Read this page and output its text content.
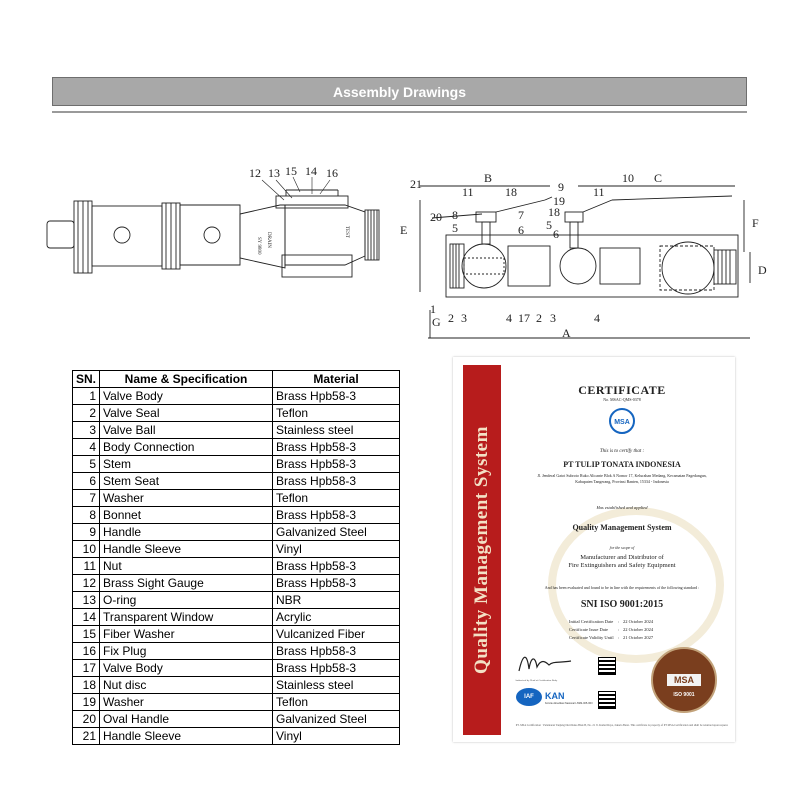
Assembly Drawings
12 13 15 14 16
SY 9800 DRAIN
TEST
21
11	18
B
9 11
10 C
20 8
5
7
6
E
18
19
5
6
F
D
1
G 2 3	4 17 2 3	4
A
SN.	Name & Specification	Material
1	Valve Body	Brass Hpb58-3
2	Valve Seal	Teflon
3	Valve Ball	Stainless steel
4	Body Connection	Brass Hpb58-3
5	Stem	Brass Hpb58-3
6	Stem Seat	Brass Hpb58-3
7	Washer	Teflon
8	Bonnet	Brass Hpb58-3
9	Handle	Galvanized Steel
10	Handle Sleeve	Vinyl
11	Nut	Brass Hpb58-3
12	Brass Sight Gauge	Brass Hpb58-3
13	O-ring	NBR
14	Transparent Window	Acrylic
15	Fiber Washer	Vulcanized Fiber
16	Fix Plug	Brass Hpb58-3
17	Valve Body	Brass Hpb58-3
18	Nut disc	Stainless steel
19	Washer	Teflon
20	Oval Handle	Galvanized Steel
21	Handle Sleeve	Vinyl
Quality Management System
CERTIFICATE
No. MSAC-QMS-0378
MSA
This is to certify that :
PT TULIP TONATA INDONESIA
Jl. Jenderal Gatot Subroto Ruko Alicante Blok A Nomor 17, Kelurahan Medang, Kecamatan Pagedangan, Kabupaten Tangerang, Provinsi Banten, 15334 - Indonesia
Has established and applied
Quality Management System
for the scope of
Manufacturer and Distributor of
Fire Extinguishers and Safety Equipment
And has been evaluated and found to be in line with the requirements of the following standard :
SNI ISO 9001:2015
Initial Certification Date	:	22 October 2024
Certificate Issue Date	:	22 October 2024
Certificate Validity Until	:	21 October 2027
Authorized by Head of Certification Body
IAF	KAN
Komite Akreditasi Nasional LSSM-005-IDN
MSA
ISO 9001
PT. MSA Certification · Pelantaran Tanjung Duri Ruko Blok B, No. 21 Jl. Kamal Raya, Jakarta Barat. This certificate is property of PT MSA Certification and shall be returned upon request.
